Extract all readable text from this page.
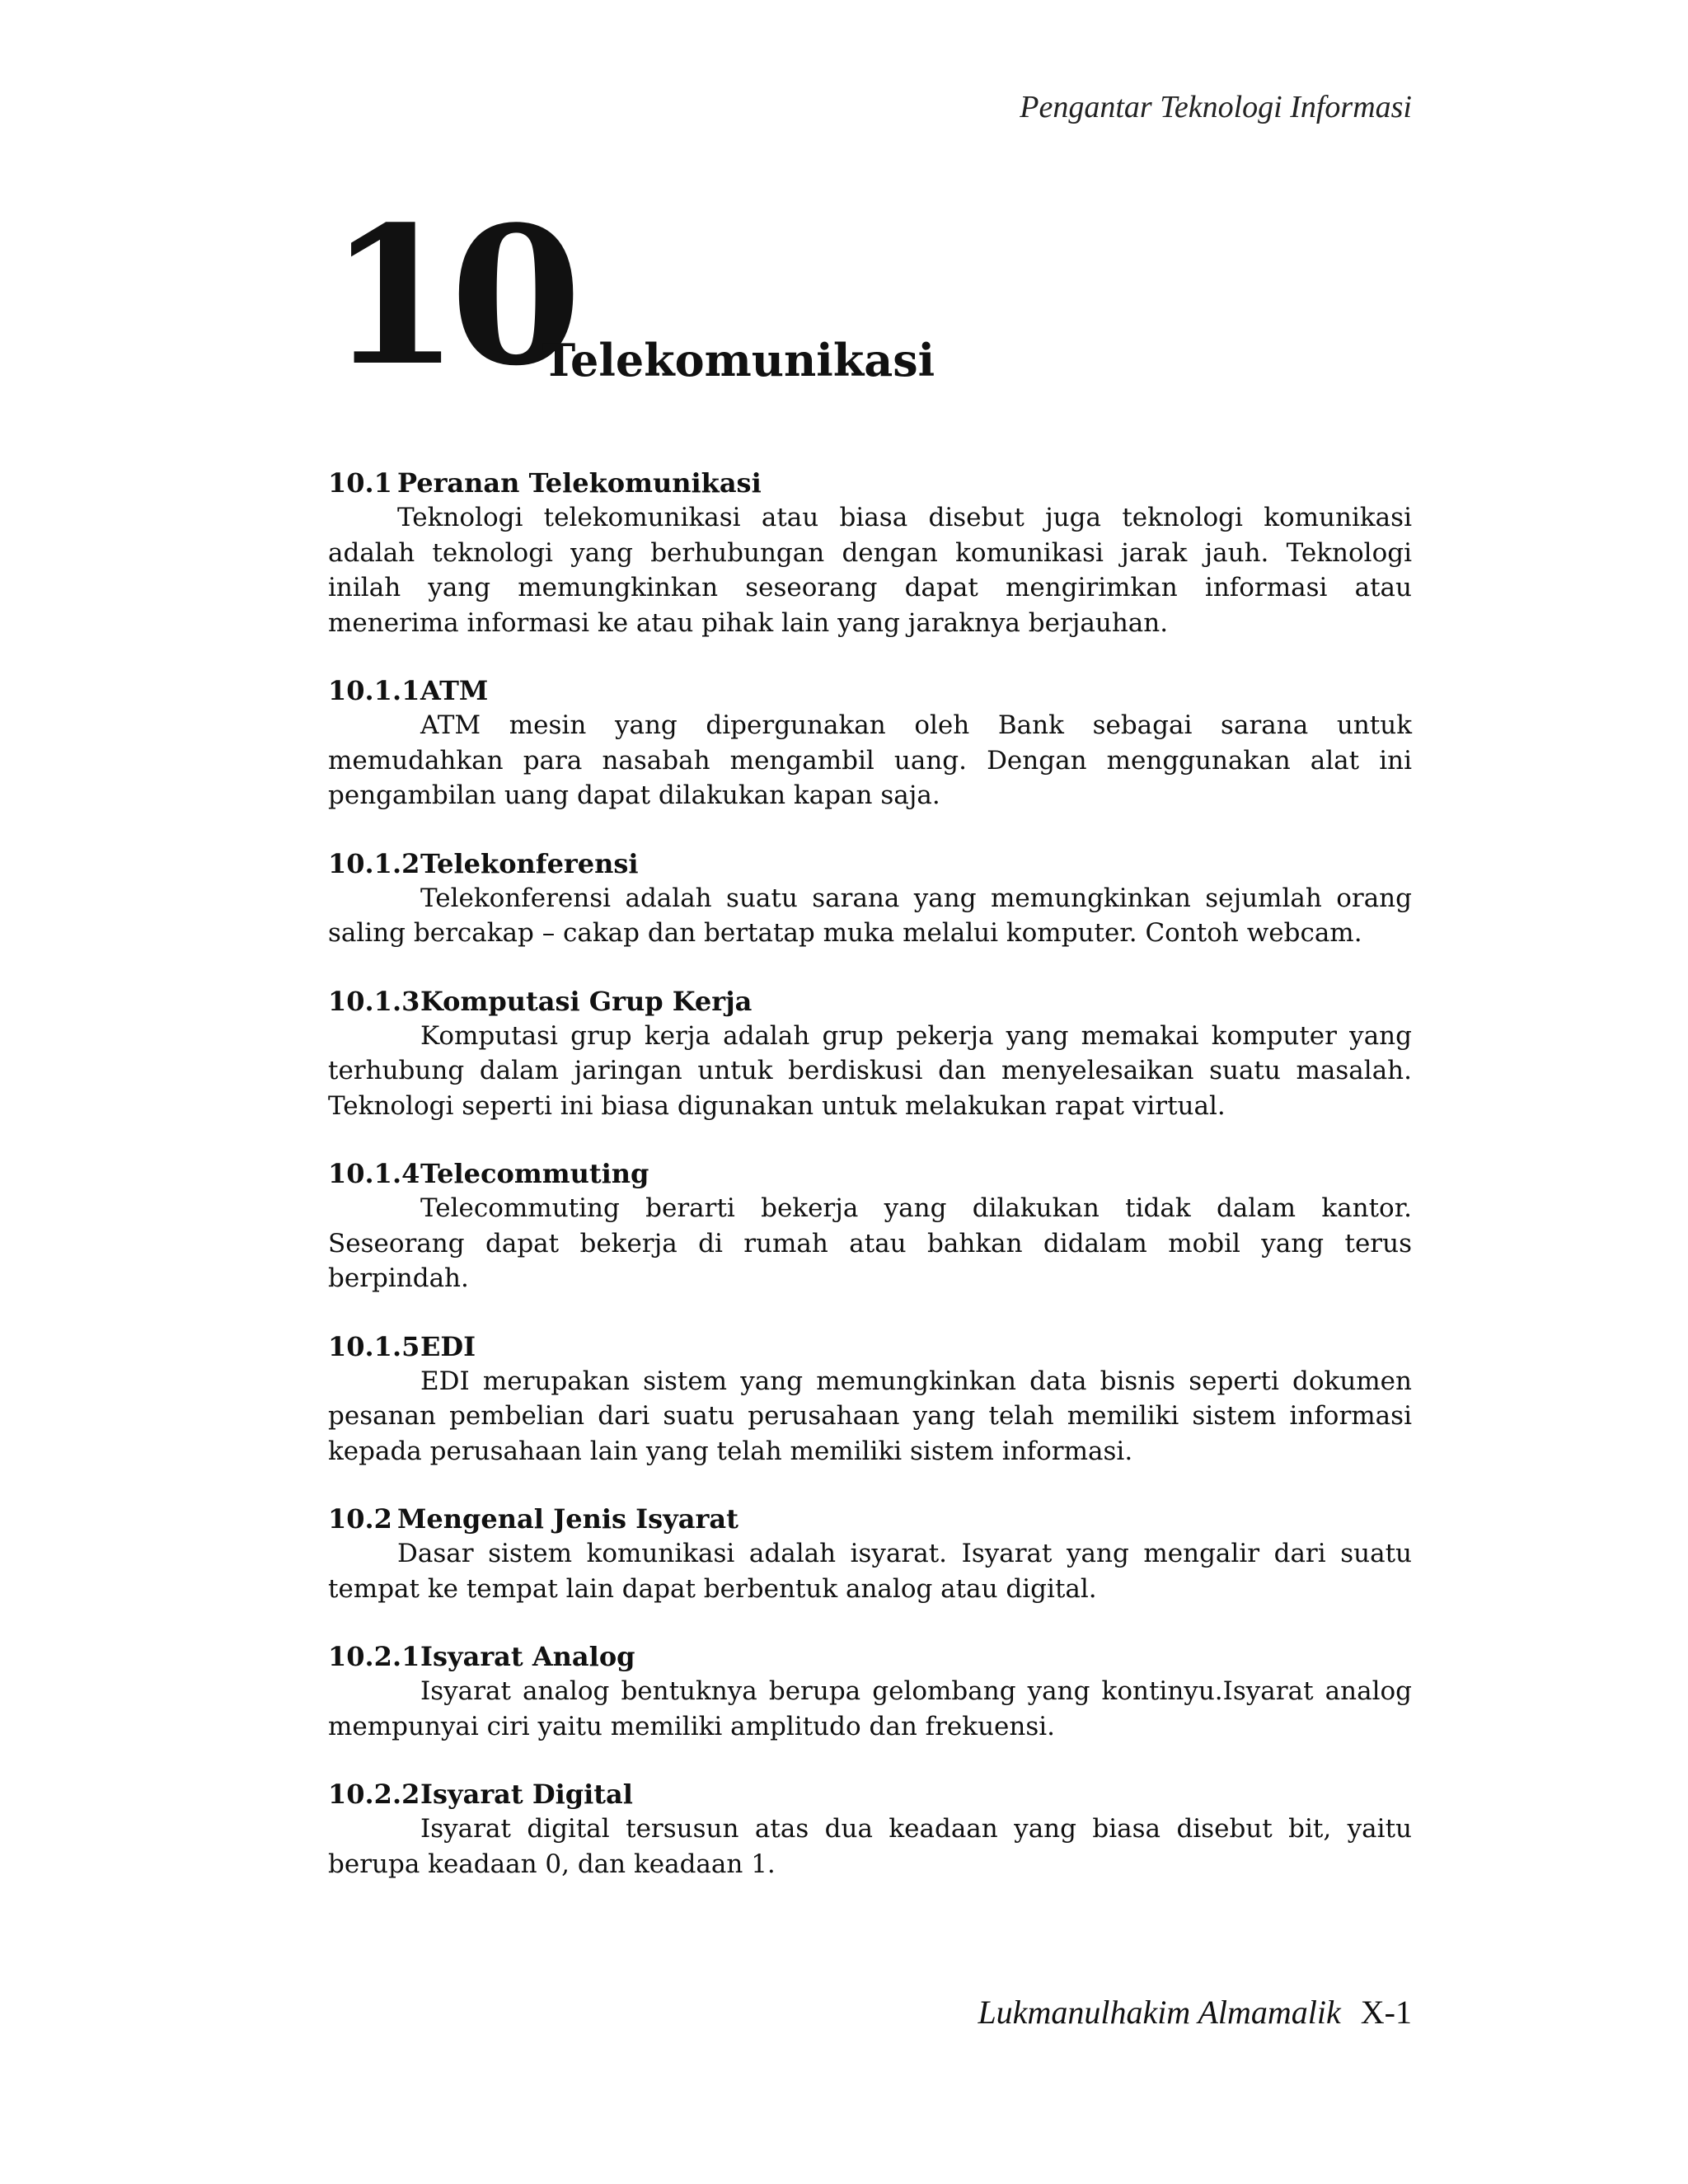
Pengantar Teknologi Informasi
10
Telekomunikasi
10.1 Peranan Telekomunikasi
Teknologi telekomunikasi atau biasa disebut juga teknologi komunikasi adalah teknologi yang berhubungan dengan komunikasi jarak jauh. Teknologi inilah yang memungkinkan seseorang dapat mengirimkan informasi atau menerima informasi ke atau pihak lain yang jaraknya berjauhan.
10.1.1ATM
ATM mesin yang dipergunakan oleh Bank sebagai sarana untuk memudahkan para nasabah mengambil uang. Dengan menggunakan alat ini pengambilan uang dapat dilakukan kapan saja.
10.1.2Telekonferensi
Telekonferensi adalah suatu sarana yang memungkinkan sejumlah orang saling bercakap – cakap dan bertatap muka melalui komputer. Contoh webcam.
10.1.3Komputasi Grup Kerja
Komputasi grup kerja adalah grup pekerja yang memakai komputer yang terhubung dalam jaringan untuk berdiskusi dan menyelesaikan suatu masalah. Teknologi seperti ini biasa digunakan untuk melakukan rapat virtual.
10.1.4Telecommuting
Telecommuting berarti bekerja yang dilakukan tidak dalam kantor. Seseorang dapat bekerja di rumah atau bahkan didalam mobil yang terus berpindah.
10.1.5EDI
EDI merupakan sistem yang memungkinkan data bisnis seperti dokumen pesanan pembelian dari suatu perusahaan yang telah memiliki sistem informasi kepada perusahaan lain yang telah memiliki sistem informasi.
10.2 Mengenal Jenis Isyarat
Dasar sistem komunikasi adalah isyarat. Isyarat yang mengalir dari suatu tempat ke tempat lain dapat berbentuk analog atau digital.
10.2.1Isyarat Analog
Isyarat analog bentuknya berupa gelombang yang kontinyu.Isyarat analog mempunyai ciri yaitu memiliki amplitudo dan frekuensi.
10.2.2Isyarat Digital
Isyarat digital tersusun atas dua keadaan yang biasa disebut bit, yaitu berupa keadaan 0, dan keadaan 1.
Lukmanulhakim Almamalik X-1
